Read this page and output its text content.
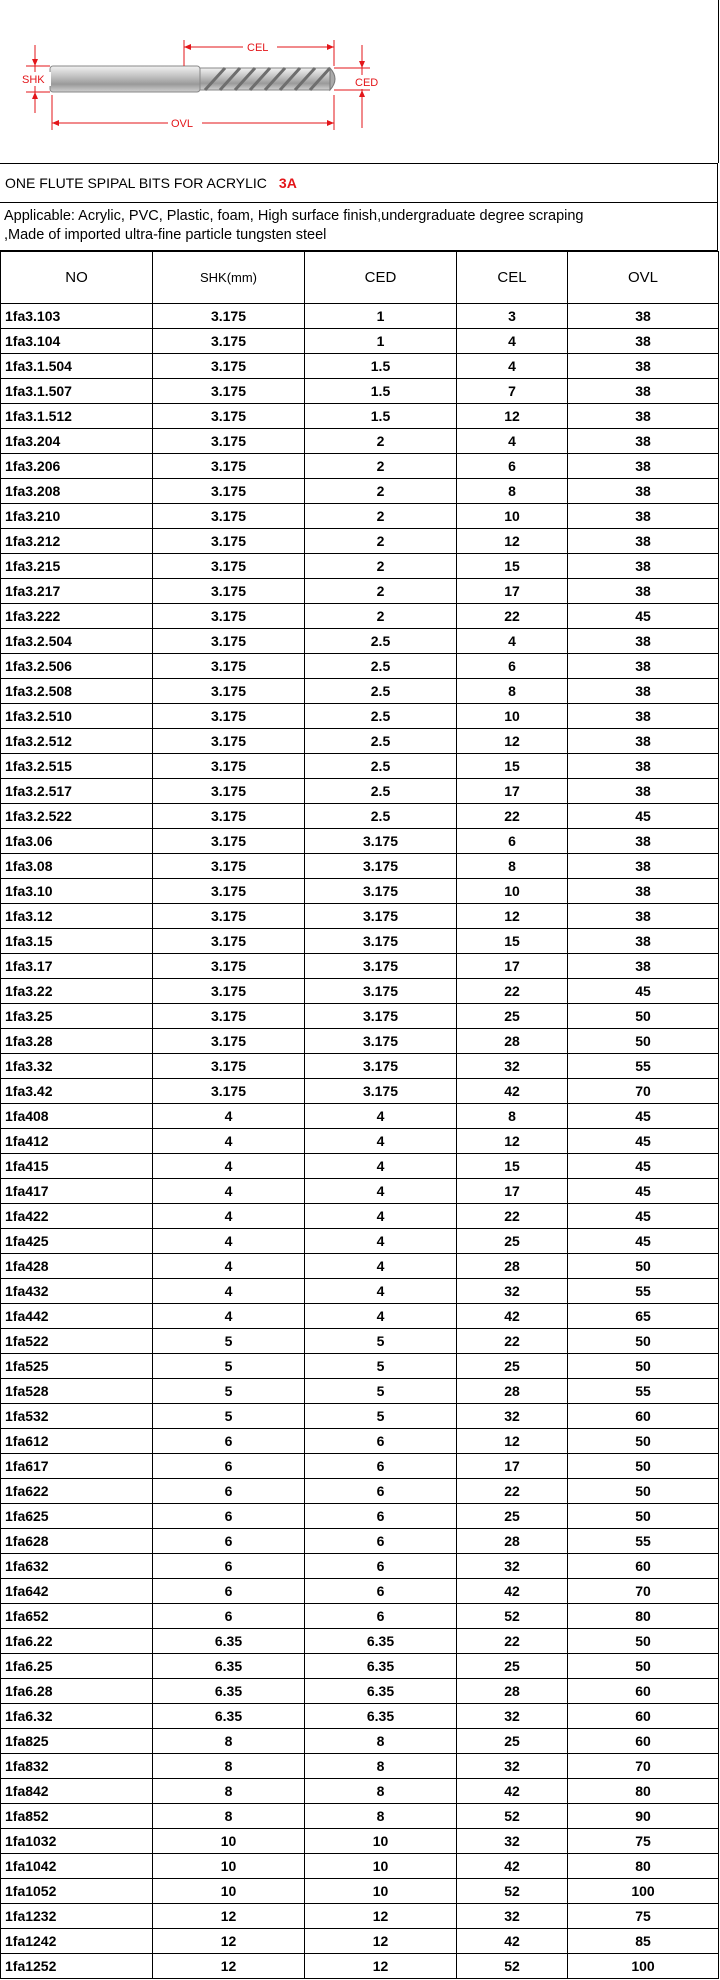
SHK
CEL
CED
OVL
ONE FLUTE SPIPAL BITS FOR ACRYLIC 3A
Applicable: Acrylic, PVC, Plastic, foam, High surface finish,undergraduate degree scraping
,Made of imported ultra-fine particle tungsten steel
NO	SHK(mm)	CED	CEL	OVL
1fa3.103	3.175	1	3	38
1fa3.104	3.175	1	4	38
1fa3.1.504	3.175	1.5	4	38
1fa3.1.507	3.175	1.5	7	38
1fa3.1.512	3.175	1.5	12	38
1fa3.204	3.175	2	4	38
1fa3.206	3.175	2	6	38
1fa3.208	3.175	2	8	38
1fa3.210	3.175	2	10	38
1fa3.212	3.175	2	12	38
1fa3.215	3.175	2	15	38
1fa3.217	3.175	2	17	38
1fa3.222	3.175	2	22	45
1fa3.2.504	3.175	2.5	4	38
1fa3.2.506	3.175	2.5	6	38
1fa3.2.508	3.175	2.5	8	38
1fa3.2.510	3.175	2.5	10	38
1fa3.2.512	3.175	2.5	12	38
1fa3.2.515	3.175	2.5	15	38
1fa3.2.517	3.175	2.5	17	38
1fa3.2.522	3.175	2.5	22	45
1fa3.06	3.175	3.175	6	38
1fa3.08	3.175	3.175	8	38
1fa3.10	3.175	3.175	10	38
1fa3.12	3.175	3.175	12	38
1fa3.15	3.175	3.175	15	38
1fa3.17	3.175	3.175	17	38
1fa3.22	3.175	3.175	22	45
1fa3.25	3.175	3.175	25	50
1fa3.28	3.175	3.175	28	50
1fa3.32	3.175	3.175	32	55
1fa3.42	3.175	3.175	42	70
1fa408	4	4	8	45
1fa412	4	4	12	45
1fa415	4	4	15	45
1fa417	4	4	17	45
1fa422	4	4	22	45
1fa425	4	4	25	45
1fa428	4	4	28	50
1fa432	4	4	32	55
1fa442	4	4	42	65
1fa522	5	5	22	50
1fa525	5	5	25	50
1fa528	5	5	28	55
1fa532	5	5	32	60
1fa612	6	6	12	50
1fa617	6	6	17	50
1fa622	6	6	22	50
1fa625	6	6	25	50
1fa628	6	6	28	55
1fa632	6	6	32	60
1fa642	6	6	42	70
1fa652	6	6	52	80
1fa6.22	6.35	6.35	22	50
1fa6.25	6.35	6.35	25	50
1fa6.28	6.35	6.35	28	60
1fa6.32	6.35	6.35	32	60
1fa825	8	8	25	60
1fa832	8	8	32	70
1fa842	8	8	42	80
1fa852	8	8	52	90
1fa1032	10	10	32	75
1fa1042	10	10	42	80
1fa1052	10	10	52	100
1fa1232	12	12	32	75
1fa1242	12	12	42	85
1fa1252	12	12	52	100
